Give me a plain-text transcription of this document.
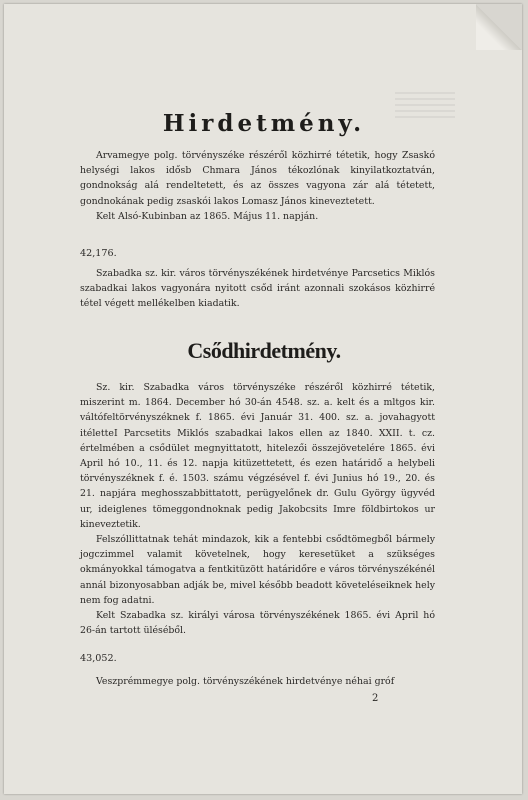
Hirdetmény.

Arvamegye polg. törvényszéke részéről közhirré tétetik, hogy Zsaskó helységi lakos idősb Chmara János tékozlónak kinyilatkoztatván, gondnokság alá rendeltetett, és az összes vagyona zár alá tétetett, gondnokának pedig zsaskói lakos Lomasz János kineveztetett.

Kelt Alsó-Kubinban az 1865. Május 11. napján.

42,176.

Szabadka sz. kir. város törvényszékének hirdetvénye Parcsetics Miklós szabadkai lakos vagyonára nyitott csőd iránt azonnali szokásos közhirré tétel végett mellékelben kiadatik.

Csődhirdetmény.

Sz. kir. Szabadka város törvényszéke részéről közhirré tétetik, miszerint m. 1864. December hó 30-án 4548. sz. a. kelt és a mltgos kir. váltófeltörvényszéknek f. 1865. évi Január 31. 400. sz. a. jovahagyott itéletteI Parcsetits Miklós szabadkai lakos ellen az 1840. XXII. t. cz. értelmében a csődület megnyittatott, hitelezői összejövetelére 1865. évi April hó 10., 11. és 12. napja kitüzettetett, és ezen határidő a helybeli törvényszéknek f. é. 1503. számu végzésével f. évi Junius hó 19., 20. és 21. napjára meghosszabbittatott, perügyelőnek dr. Gulu György ügyvéd ur, ideiglenes tömeggondnoknak pedig Jakobcsits Imre földbirtokos ur kineveztetik.

Felszóllittatnak tehát mindazok, kik a fentebbi csődtömegből bármely jogczimmel valamit követelnek, hogy keresetüket a szükséges okmányokkal támogatva a fentkitüzött határidőre e város törvényszékénél annál bizonyosabban adják be, mivel később beadott követeléseiknek hely nem fog adatni.

Kelt Szabadka sz. királyi városa törvényszékének 1865. évi April hó 26-án tartott üléséből.

43,052.

Veszprémmegye polg. törvényszékének hirdetvénye néhai gróf

2
